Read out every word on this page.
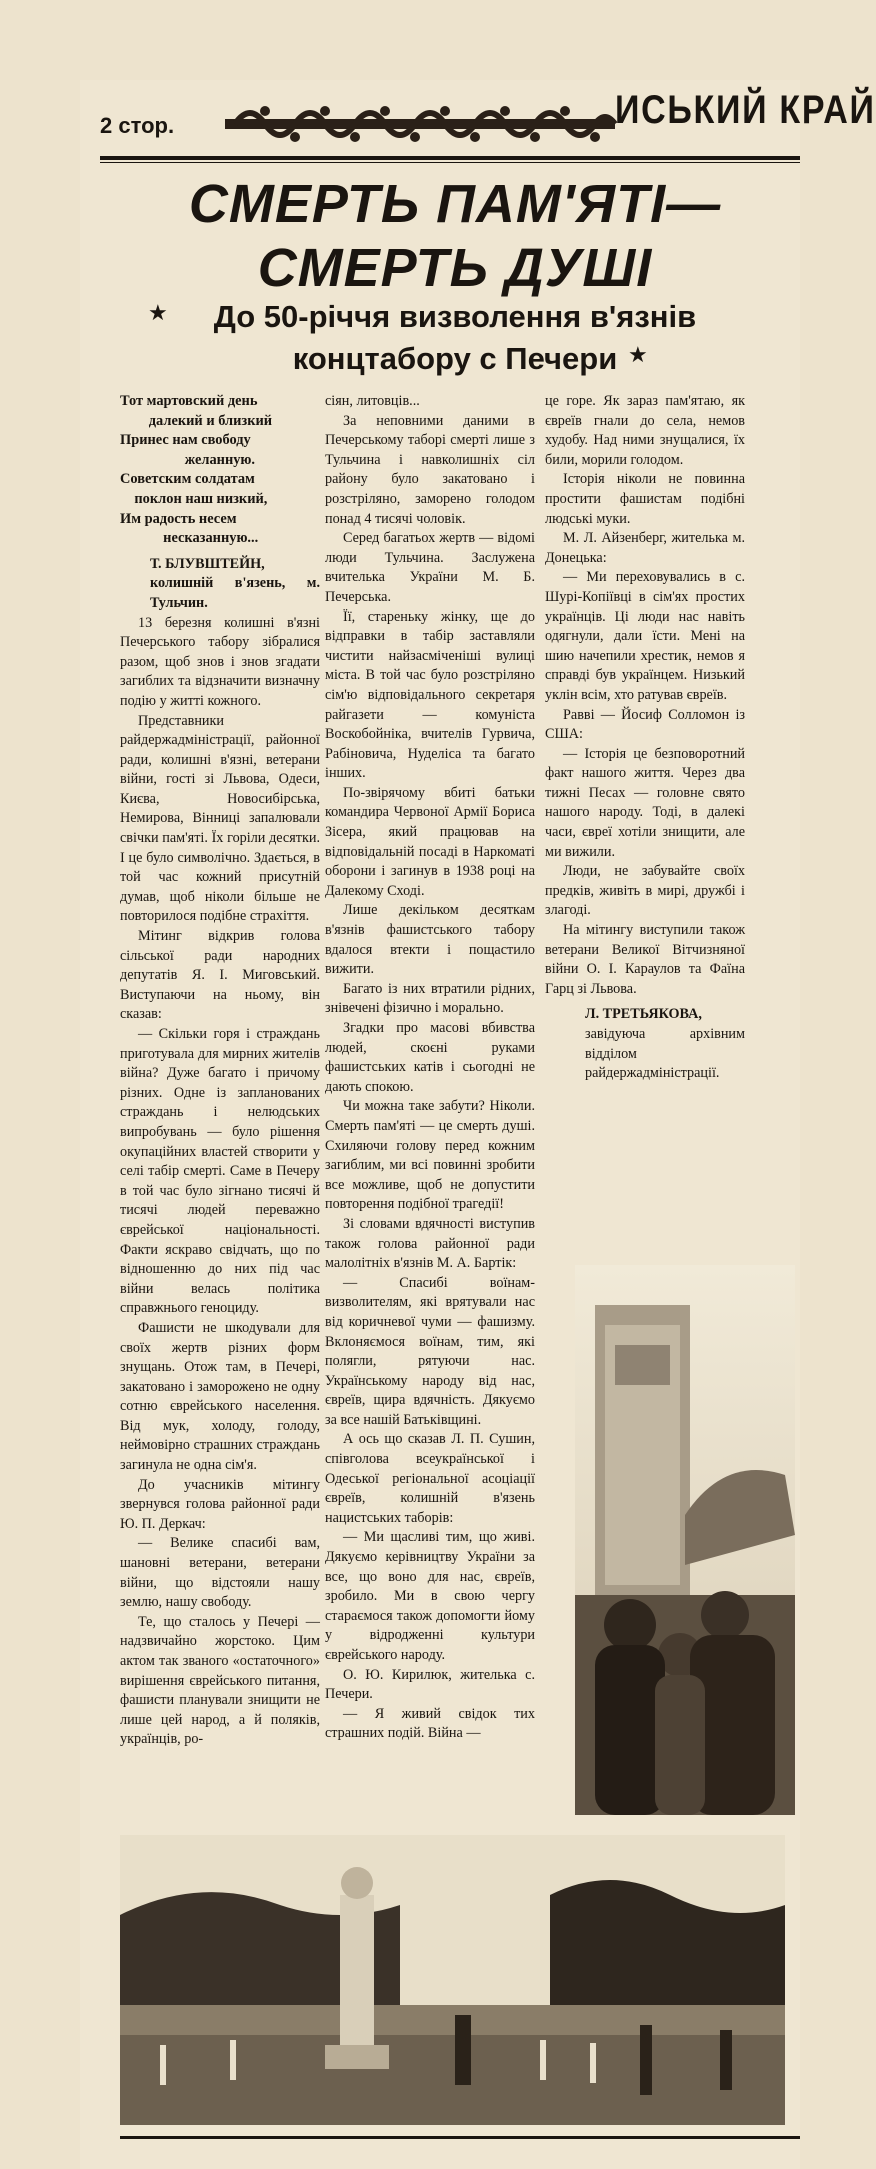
2 стор.	ИСЬКИЙ КРАЙ
СМЕРТЬ ПАМ'ЯТІ—
СМЕРТЬ ДУШІ
★
★
До 50-річчя визволення в'язнів
концтабору с Печери
Тот мартовский день
далекий и близкий
Принес нам свободу
желанную.
Советским солдатам
поклон наш низкий,
Им радость несем
несказанную...

Т. БЛУВШТЕЙН,

колишній в'язень, м. Тульчин.

13 березня колишні в'язні Печерського табору зібралися разом, щоб знов і знов згадати загиблих та відзначити визначну подію у житті кожного.

Представники райдержадміністрації, районної ради, колишні в'язні, ветерани війни, гості зі Львова, Одеси, Києва, Новосибірська, Немирова, Вінниці запалювали свічки пам'яті. Їх горіли десятки. І це було символічно. Здається, в той час кожний присутній думав, щоб ніколи більше не повторилося подібне страхіття.

Мітинг відкрив голова сільської ради народних депутатів Я. І. Миговський. Виступаючи на ньому, він сказав:

— Скільки горя і страждань приготувала для мирних жителів війна? Дуже багато і причому різних. Одне із запланованих страждань і нелюдських випробувань — було рішення окупаційних властей створити у селі табір смерті. Саме в Печеру в той час було зігнано тисячі й тисячі людей переважно єврейської національності. Факти яскраво свідчать, що по відношенню до них під час війни велась політика справжнього геноциду.

Фашисти не шкодували для своїх жертв різних форм знущань. Отож там, в Печері, закатовано і заморожено не одну сотню єврейського населення. Від мук, холоду, голоду, неймовірно страшних страждань загинула не одна сім'я.

До учасників мітингу звернувся голова районної ради Ю. П. Деркач:

— Велике спасибі вам, шановні ветерани, ветерани війни, що відстояли нашу землю, нашу свободу.

Те, що сталось у Печері — надзвичайно жорстоко. Цим актом так званого «остаточного» вирішення єврейського питання, фашисти планували знищити не лише цей народ, а й поляків, українців, ро-

сіян, литовців...

За неповними даними в Печерському таборі смерті лише з Тульчина і навколишніх сіл району було закатовано і розстріляно, заморено голодом понад 4 тисячі чоловік.

Серед багатьох жертв — відомі люди Тульчина. Заслужена вчителька України М. Б. Печерська.

Її, стареньку жінку, ще до відправки в табір заставляли чистити найзасміченіші вулиці міста. В той час було розстріляно сім'ю відповідального секретаря райгазети — комуніста Воскобойніка, вчителів Гурвича, Рабіновича, Нуделіса та багато інших.

По-звірячому вбиті батьки командира Червоної Армії Бориса Зісера, який працював на відповідальній посаді в Наркоматі оборони і загинув в 1938 році на Далекому Сході.

Лише декільком десяткам в'язнів фашистського табору вдалося втекти і пощастило вижити.

Багато із них втратили рідних, знівечені фізично і морально.

Згадки про масові вбивства людей, скоєні руками фашистських катів і сьогодні не дають спокою.

Чи можна таке забути? Ніколи. Смерть пам'яті — це смерть душі. Схиляючи голову перед кожним загиблим, ми всі повинні зробити все можливе, щоб не допустити повторення подібної трагедії!

Зі словами вдячності виступив також голова районної ради малолітніх в'язнів М. А. Бартік:

— Спасибі воїнам-визволителям, які врятували нас від коричневої чуми — фашизму. Вклоняємося воїнам, тим, які полягли, рятуючи нас. Українському народу від нас, євреїв, щира вдячність. Дякуємо за все нашій Батьківщині.

А ось що сказав Л. П. Сушин, співголова всеукраїнської і Одеської регіональної асоціації євреїв, колишній в'язень нацистських таборів:

— Ми щасливі тим, що живі. Дякуємо керівництву України за все, що воно для нас, євреїв, зробило. Ми в свою чергу стараємося також допомогти йому у відродженні культури єврейського народу.

О. Ю. Кирилюк, жителька с. Печери.

— Я живий свідок тих страшних подій. Війна —

це горе. Як зараз пам'ятаю, як євреїв гнали до села, немов худобу. Над ними знущалися, їх били, морили голодом.

Історія ніколи не повинна простити фашистам подібні людські муки.

М. Л. Айзенберг, жителька м. Донецька:

— Ми переховувались в с. Шурі-Копіївці в сім'ях простих українців. Ці люди нас навіть одягнули, дали їсти. Мені на шию начепили хрестик, немов я справді був українцем. Низький уклін всім, хто ратував євреїв.

Равві — Йосиф Солломон із США:

— Історія це безповоротний факт нашого життя. Через два тижні Песах — головне свято нашого народу. Тоді, в далекі часи, євреї хотіли знищити, але ми вижили.

Люди, не забувайте своїх предків, живіть в мирі, дружбі і злагоді.

На мітингу виступили також ветерани Великої Вітчизняної війни О. І. Караулов та Фаїна Гарц зі Львова.

Л. ТРЕТЬЯКОВА,

завідуюча архівним відділом райдержадміністрації.
